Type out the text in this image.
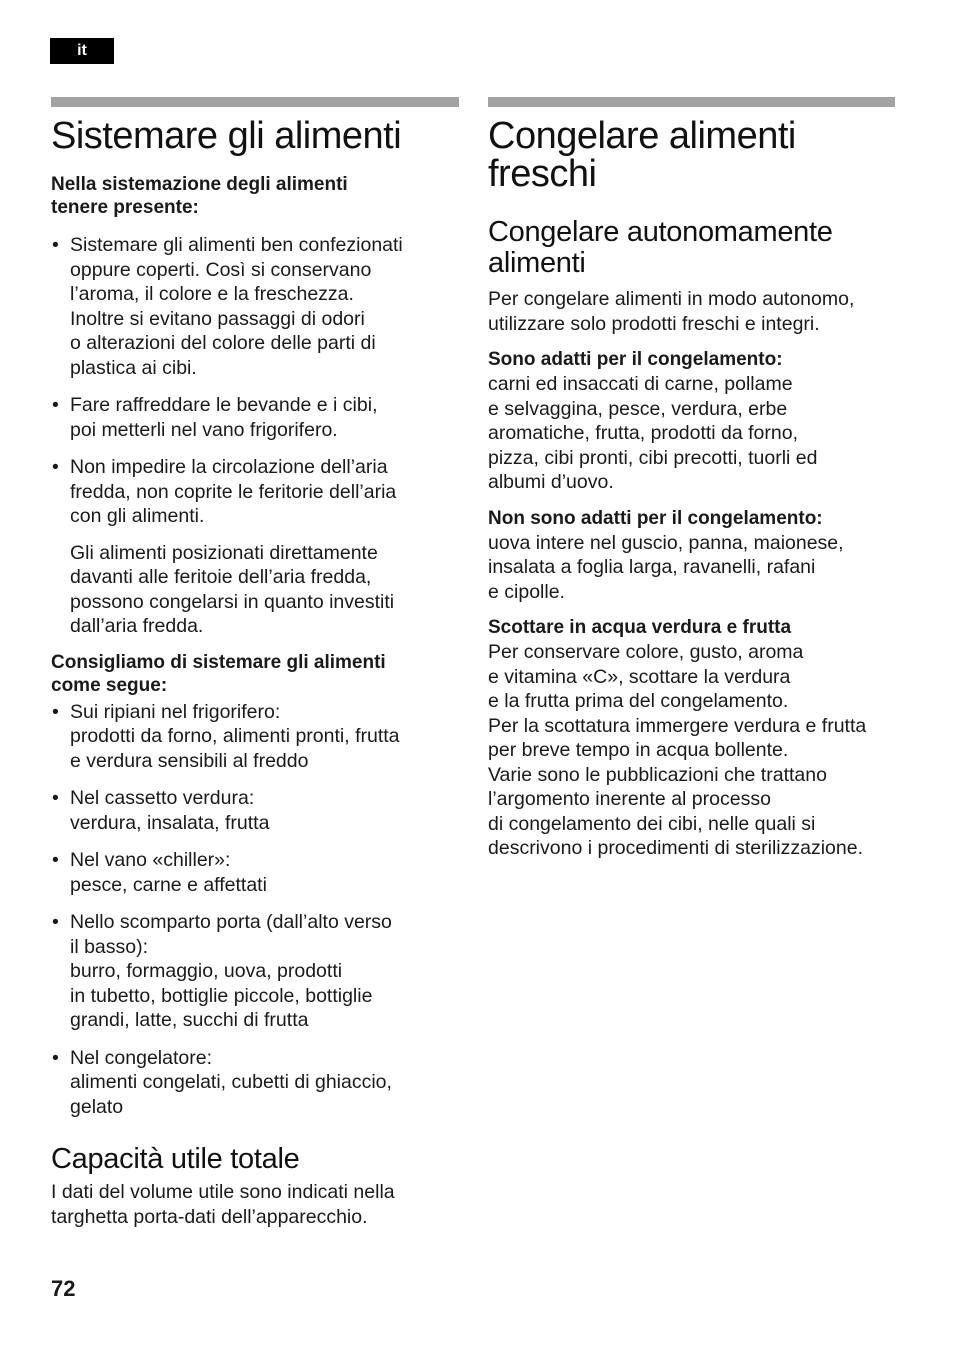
it
Sistemare gli alimenti

Nella sistemazione degli alimenti
tenere presente:

• Sistemare gli alimenti ben confezionati
oppure coperti. Così si conservano
l’aroma, il colore e la freschezza.
Inoltre si evitano passaggi di odori
o alterazioni del colore delle parti di
plastica ai cibi.
• Fare raffreddare le bevande e i cibi,
poi metterli nel vano frigorifero.
• Non impedire la circolazione dell’aria
fredda, non coprite le feritorie dell’aria
con gli alimenti.

Gli alimenti posizionati direttamente
davanti alle feritoie dell’aria fredda,
possono congelarsi in quanto investiti
dall’aria fredda.

Consigliamo di sistemare gli alimenti
come segue:

• Sui ripiani nel frigorifero:
prodotti da forno, alimenti pronti, frutta
e verdura sensibili al freddo
• Nel cassetto verdura:
verdura, insalata, frutta
• Nel vano «chiller»:
pesce, carne e affettati
• Nello scomparto porta (dall’alto verso
il basso):
burro, formaggio, uova, prodotti
in tubetto, bottiglie piccole, bottiglie
grandi, latte, succhi di frutta
• Nel congelatore:
alimenti congelati, cubetti di ghiaccio,
gelato
Capacità utile totale

I dati del volume utile sono indicati nella
targhetta porta-dati dell’apparecchio.

Congelare alimenti
freschi
Congelare autonomamente
alimenti

Per congelare alimenti in modo autonomo,
utilizzare solo prodotti freschi e integri.

Sono adatti per il congelamento:

carni ed insaccati di carne, pollame
e selvaggina, pesce, verdura, erbe
aromatiche, frutta, prodotti da forno,
pizza, cibi pronti, cibi precotti, tuorli ed
albumi d’uovo.

Non sono adatti per il congelamento:

uova intere nel guscio, panna, maionese,
insalata a foglia larga, ravanelli, rafani
e cipolle.

Scottare in acqua verdura e frutta

Per conservare colore, gusto, aroma
e vitamina «C», scottare la verdura
e la frutta prima del congelamento.
Per la scottatura immergere verdura e frutta
per breve tempo in acqua bollente.
Varie sono le pubblicazioni che trattano
l’argomento inerente al processo
di congelamento dei cibi, nelle quali si
descrivono i procedimenti di sterilizzazione.

72
